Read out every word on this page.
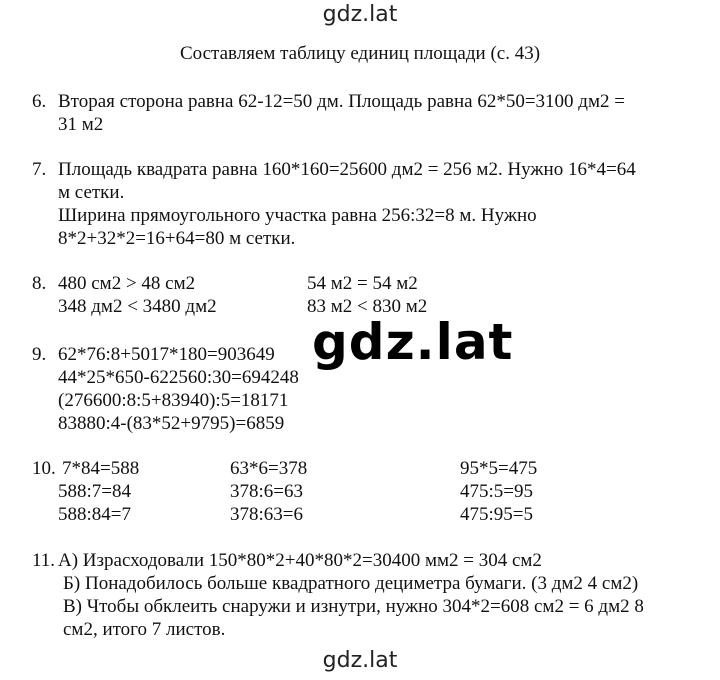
gdz.lat
Составляем таблицу единиц площади (с. 43)
6. Вторая сторона равна 62-12=50 дм. Площадь равна 62*50=3100 дм2 =
31 м2
7. Площадь квадрата равна 160*160=25600 дм2 = 256 м2. Нужно 16*4=64
м сетки.
Ширина прямоугольного участка равна 256:32=8 м. Нужно
8*2+32*2=16+64=80 м сетки.
8. 480 см2 > 48 см2
348 дм2 < 3480 дм2
54 м2 = 54 м2
83 м2 < 830 м2
9. 62*76:8+5017*180=903649
44*25*650-622560:30=694248
(276600:8:5+83940):5=18171
83880:4-(83*52+9795)=6859
10. 7*84=588
588:7=84
588:84=7
63*6=378
378:6=63
378:63=6
95*5=475
475:5=95
475:95=5
11. А) Израсходовали 150*80*2+40*80*2=30400 мм2 = 304 см2
Б) Понадобилось больше квадратного дециметра бумаги. (3 дм2 4 см2)
В) Чтобы обклеить снаружи и изнутри, нужно 304*2=608 см2 = 6 дм2 8
см2, итого 7 листов.
gdz.lat
gdz.lat
